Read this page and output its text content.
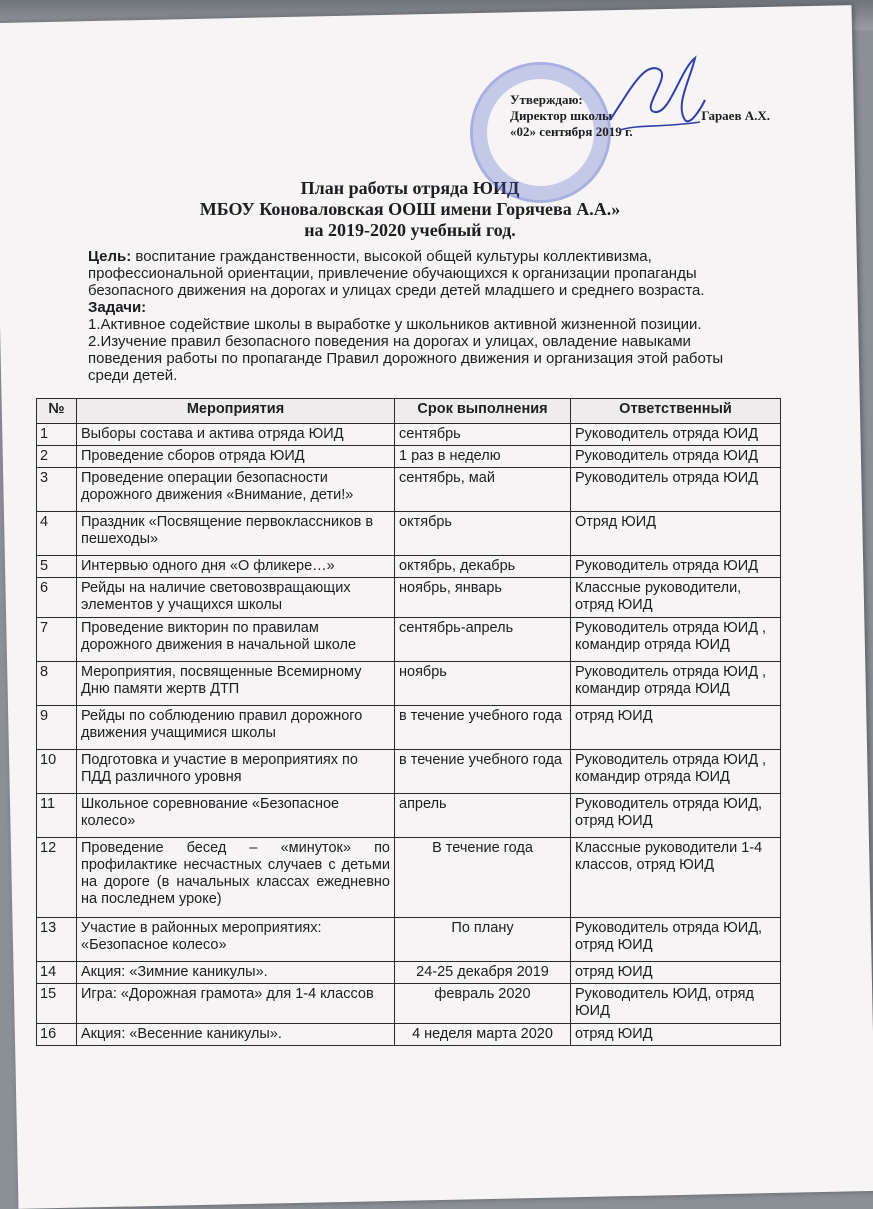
Утверждаю:
Директор школы	Гараев А.Х.
«02» сентября 2019 г.
План работы отряда ЮИД
МБОУ Коноваловская ООШ имени Горячева А.А.»
на 2019-2020 учебный год.

Цель: воспитание гражданственности, высокой общей культуры коллективизма, профессиональной ориентации, привлечение обучающихся к организации пропаганды безопасного движения на дорогах и улицах среди детей младшего и среднего возраста.

Задачи:

1.Активное содействие школы в выработке у школьников активной жизненной позиции.

2.Изучение правил безопасного поведения на дорогах и улицах, овладение навыками поведения работы по пропаганде Правил дорожного движения и организация этой работы среди детей.

№	Мероприятия	Срок выполнения	Ответственный
1	Выборы состава и актива отряда ЮИД	сентябрь	Руководитель отряда ЮИД
2	Проведение сборов отряда ЮИД	1 раз в неделю	Руководитель отряда ЮИД
3	Проведение операции безопасности дорожного движения «Внимание, дети!»	сентябрь, май	Руководитель отряда ЮИД
4	Праздник «Посвящение первоклассников в пешеходы»	октябрь	Отряд ЮИД
5	Интервью одного дня «О фликере…»	октябрь, декабрь	Руководитель отряда ЮИД
6	Рейды на наличие световозвращающих элементов у учащихся школы	ноябрь, январь	Классные руководители, отряд ЮИД
7	Проведение викторин по правилам дорожного движения в начальной школе	сентябрь-апрель	Руководитель отряда ЮИД , командир отряда ЮИД
8	Мероприятия, посвященные Всемирному Дню памяти жертв ДТП	ноябрь	Руководитель отряда ЮИД , командир отряда ЮИД
9	Рейды по соблюдению правил дорожного движения учащимися школы	в течение учебного года	отряд ЮИД
10	Подготовка и участие в мероприятиях по ПДД различного уровня	в течение учебного года	Руководитель отряда ЮИД , командир отряда ЮИД
11	Школьное соревнование «Безопасное колесо»	апрель	Руководитель отряда ЮИД, отряд ЮИД
12	Проведение бесед – «минуток» по профилактике несчастных случаев с детьми на дороге (в начальных классах ежедневно на последнем уроке)	В течение года	Классные руководители 1-4 классов, отряд ЮИД
13	Участие в районных мероприятиях: «Безопасное колесо»	По плану	Руководитель отряда ЮИД, отряд ЮИД
14	Акция: «Зимние каникулы».	24-25 декабря 2019	отряд ЮИД
15	Игра: «Дорожная грамота» для 1-4 классов	февраль 2020	Руководитель ЮИД, отряд ЮИД
16	Акция: «Весенние каникулы».	4 неделя марта 2020	отряд ЮИД
